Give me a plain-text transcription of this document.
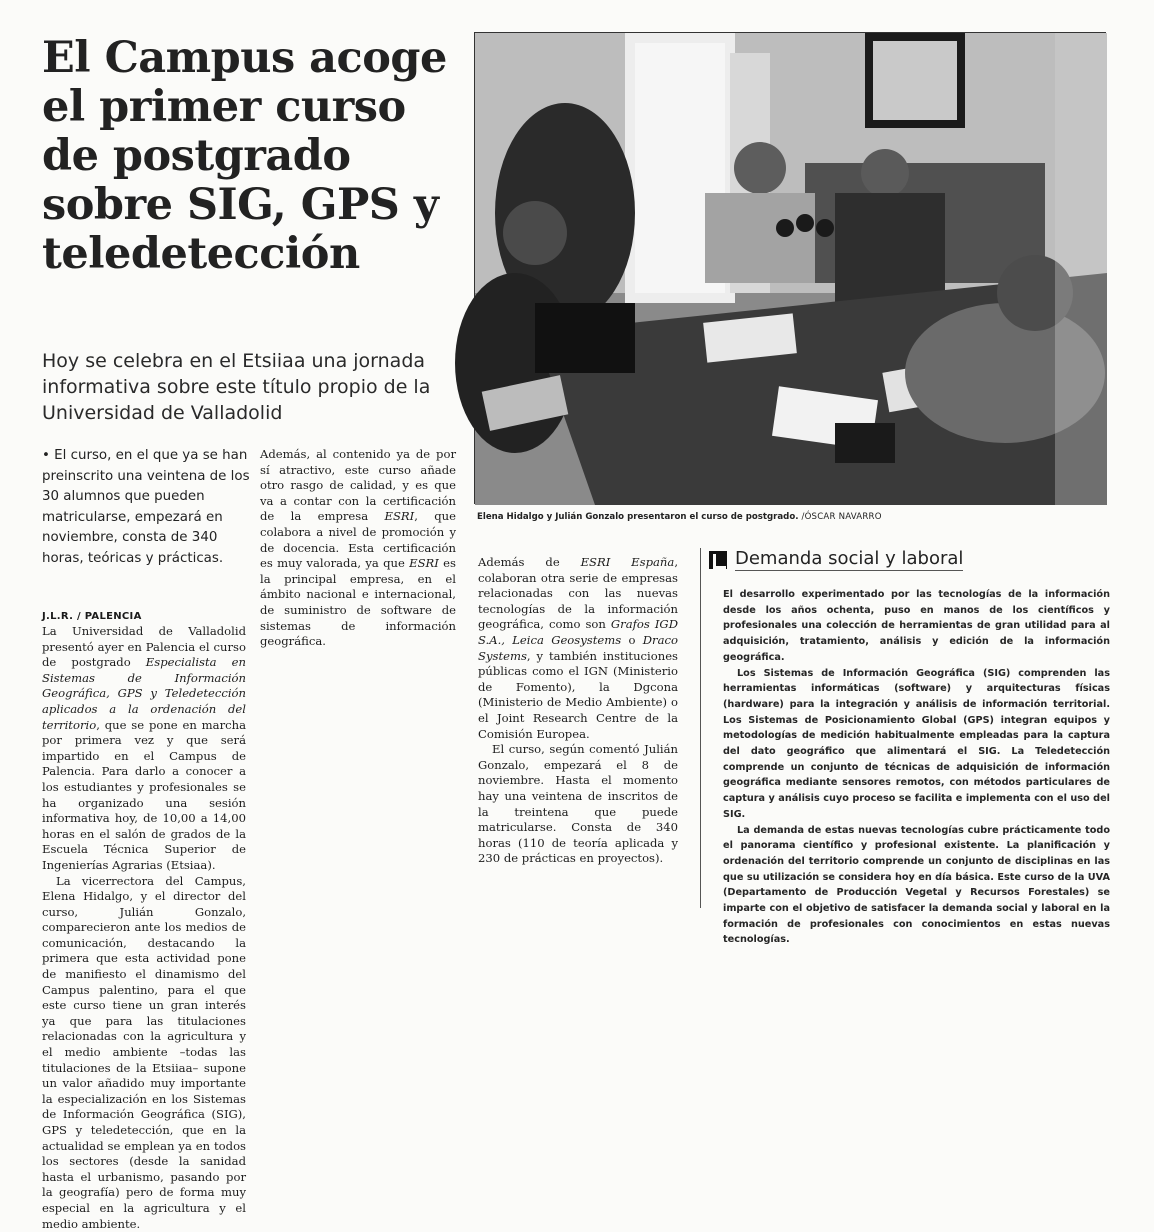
El Campus acoge el primer curso de postgrado sobre SIG, GPS y teledetección
Hoy se celebra en el Etsiiaa una jornada informativa sobre este título propio de la Universidad de Valladolid
• El curso, en el que ya se han preinscrito una veintena de los 30 alumnos que pueden matricularse, empezará en noviembre, consta de 340 horas, teóricas y prácticas.
J.L.R. / PALENCIA

La Universidad de Valladolid presentó ayer en Palencia el curso de postgrado Especialista en Sistemas de Información Geográfica, GPS y Teledetección aplicados a la ordenación del territorio, que se pone en marcha por primera vez y que será impartido en el Campus de Palencia. Para darlo a conocer a los estudiantes y profesionales se ha organizado una sesión informativa hoy, de 10,00 a 14,00 horas en el salón de grados de la Escuela Técnica Superior de Ingenierías Agrarias (Etsiaa).

La vicerrectora del Campus, Elena Hidalgo, y el director del curso, Julián Gonzalo, comparecieron ante los medios de comunicación, destacando la primera que esta actividad pone de manifiesto el dinamismo del Campus palentino, para el que este curso tiene un gran interés ya que para las titulaciones relacionadas con la agricultura y el medio ambiente –todas las titulaciones de la Etsiiaa– supone un valor añadido muy importante la especialización en los Sistemas de Información Geográfica (SIG), GPS y teledetección, que en la actualidad se emplean ya en todos los sectores (desde la sanidad hasta el urbanismo, pasando por la geografía) pero de forma muy especial en la agricultura y el medio ambiente.

Además, al contenido ya de por sí atractivo, este curso añade otro rasgo de calidad, y es que va a contar con la certificación de la empresa ESRI, que colabora a nivel de promoción y de docencia. Esta certificación es muy valorada, ya que ESRI es la principal empresa, en el ámbito nacional e internacional, de suministro de software de sistemas de información geográfica.

Además de ESRI España, colaboran otra serie de empresas relacionadas con las nuevas tecnologías de la información geográfica, como son Grafos IGD S.A., Leica Geosystems o Draco Systems, y también instituciones públicas como el IGN (Ministerio de Fomento), la Dgcona (Ministerio de Medio Ambiente) o el Joint Research Centre de la Comisión Europea.

El curso, según comentó Julián Gonzalo, empezará el 8 de noviembre. Hasta el momento hay una veintena de inscritos de la treintena que puede matricularse. Consta de 340 horas (110 de teoría aplicada y 230 de prácticas en proyectos).

Elena Hidalgo y Julián Gonzalo presentaron el curso de postgrado. /ÓSCAR NAVARRO
Demanda social y laboral

El desarrollo experimentado por las tecnologías de la información desde los años ochenta, puso en manos de los científicos y profesionales una colección de herramientas de gran utilidad para al adquisición, tratamiento, análisis y edición de la información geográfica.

Los Sistemas de Información Geográfica (SIG) comprenden las herramientas informáticas (software) y arquitecturas físicas (hardware) para la integración y análisis de información territorial. Los Sistemas de Posicionamiento Global (GPS) integran equipos y metodologías de medición habitualmente empleadas para la captura del dato geográfico que alimentará el SIG. La Teledetección comprende un conjunto de técnicas de adquisición de información geográfica mediante sensores remotos, con métodos particulares de captura y análisis cuyo proceso se facilita e implementa con el uso del SIG.

La demanda de estas nuevas tecnologías cubre prácticamente todo el panorama científico y profesional existente. La planificación y ordenación del territorio comprende un conjunto de disciplinas en las que su utilización se considera hoy en día básica. Este curso de la UVA (Departamento de Producción Vegetal y Recursos Forestales) se imparte con el objetivo de satisfacer la demanda social y laboral en la formación de profesionales con conocimientos en estas nuevas tecnologías.
